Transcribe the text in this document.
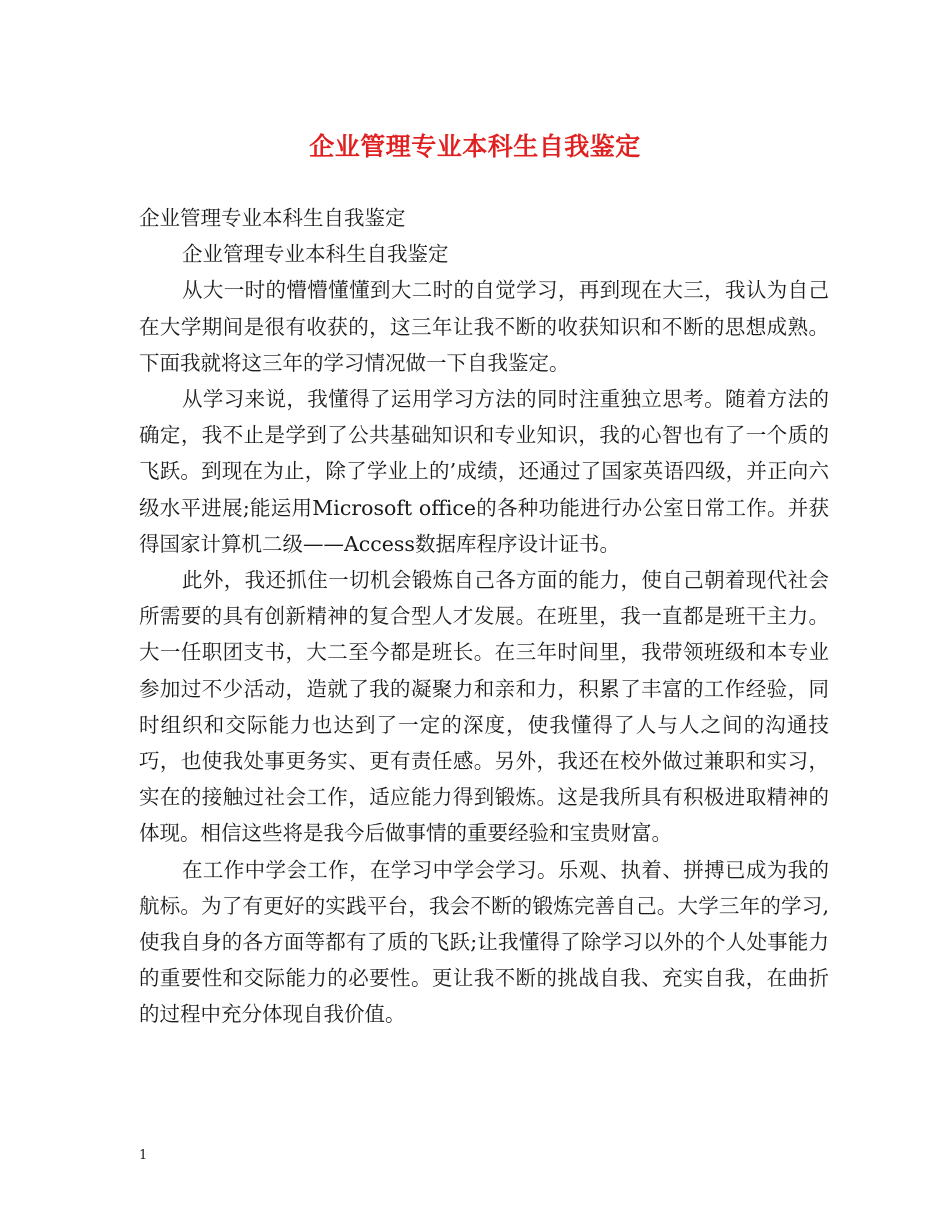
企业管理专业本科生自我鉴定

企业管理专业本科生自我鉴定

企业管理专业本科生自我鉴定

从大一时的懵懵懂懂到大二时的自觉学习，再到现在大三，我认为自己在大学期间是很有收获的，这三年让我不断的收获知识和不断的思想成熟。下面我就将这三年的学习情况做一下自我鉴定。

从学习来说，我懂得了运用学习方法的同时注重独立思考。随着方法的确定，我不止是学到了公共基础知识和专业知识，我的心智也有了一个质的飞跃。到现在为止，除了学业上的’成绩，还通过了国家英语四级，并正向六级水平进展;能运用Microsoft office的各种功能进行办公室日常工作。并获得国家计算机二级——Access数据库程序设计证书。

此外，我还抓住一切机会锻炼自己各方面的能力，使自己朝着现代社会所需要的具有创新精神的复合型人才发展。在班里，我一直都是班干主力。大一任职团支书，大二至今都是班长。在三年时间里，我带领班级和本专业参加过不少活动，造就了我的凝聚力和亲和力，积累了丰富的工作经验，同时组织和交际能力也达到了一定的深度，使我懂得了人与人之间的沟通技巧，也使我处事更务实、更有责任感。另外，我还在校外做过兼职和实习，实在的接触过社会工作，适应能力得到锻炼。这是我所具有积极进取精神的体现。相信这些将是我今后做事情的重要经验和宝贵财富。

在工作中学会工作，在学习中学会学习。乐观、执着、拼搏已成为我的航标。为了有更好的实践平台，我会不断的锻炼完善自己。大学三年的学习,使我自身的各方面等都有了质的飞跃;让我懂得了除学习以外的个人处事能力的重要性和交际能力的必要性。更让我不断的挑战自我、充实自我，在曲折的过程中充分体现自我价值。

1
